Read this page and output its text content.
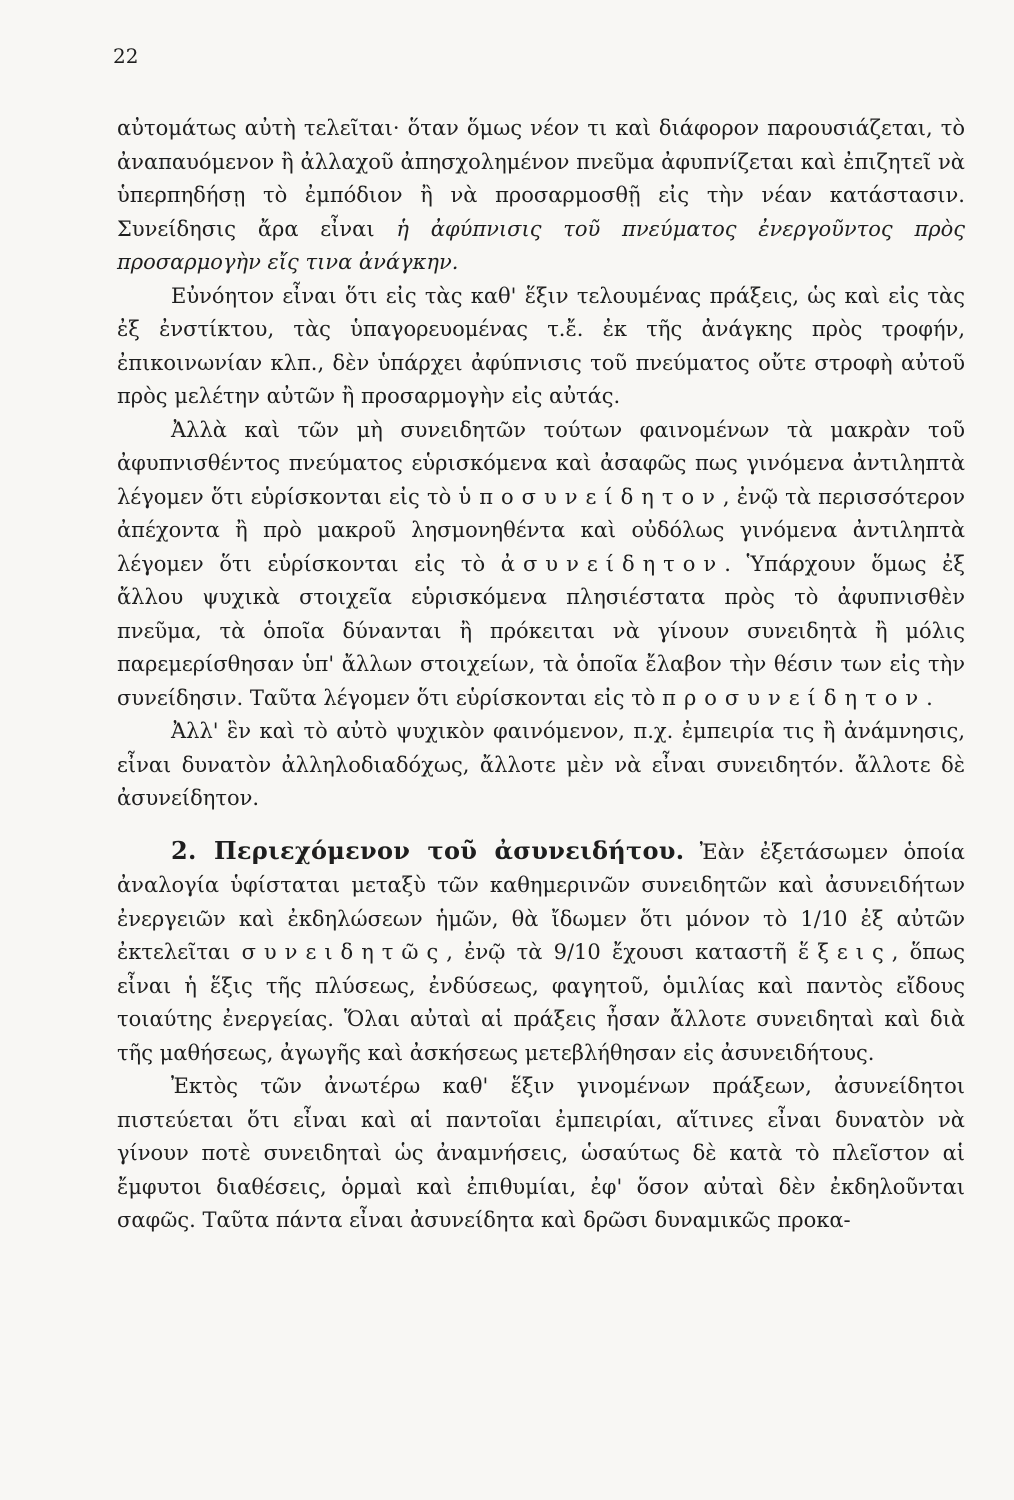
22

αὐτομάτως αὐτὴ τελεῖται· ὅταν ὅμως νέον τι καὶ διάφορον παρουσιάζεται, τὸ ἀναπαυόμενον ἢ ἀλλαχοῦ ἀπησχολημένον πνεῦμα ἀφυπνίζεται καὶ ἐπιζητεῖ νὰ ὑπερπηδήσῃ τὸ ἐμπόδιον ἢ νὰ προσαρμοσθῇ εἰς τὴν νέαν κατάστασιν. Συνείδησις ἄρα εἶναι ἡ ἀφύπνισις τοῦ πνεύματος ἐνεργοῦντος πρὸς προσαρμογὴν εἴς τινα ἀνάγκην.

Εὐνόητον εἶναι ὅτι εἰς τὰς καθ' ἕξιν τελουμένας πράξεις, ὡς καὶ εἰς τὰς ἐξ ἐνστίκτου, τὰς ὑπαγορευομένας τ.ἔ. ἐκ τῆς ἀνάγκης πρὸς τροφήν, ἐπικοινωνίαν κλπ., δὲν ὑπάρχει ἀφύπνισις τοῦ πνεύματος οὔτε στροφὴ αὐτοῦ πρὸς μελέτην αὐτῶν ἢ προσαρμογὴν εἰς αὐτάς.

Ἀλλὰ καὶ τῶν μὴ συνειδητῶν τούτων φαινομένων τὰ μακρὰν τοῦ ἀφυπνισθέντος πνεύματος εὑρισκόμενα καὶ ἀσαφῶς πως γινόμενα ἀντιληπτὰ λέγομεν ὅτι εὑρίσκονται εἰς τὸ ὑποσυνείδητον, ἐνῷ τὰ περισσότερον ἀπέχοντα ἢ πρὸ μακροῦ λησμονηθέντα καὶ οὐδόλως γινόμενα ἀντιληπτὰ λέγομεν ὅτι εὑρίσκονται εἰς τὸ ἀσυνείδητον. Ὑπάρχουν ὅμως ἐξ ἄλλου ψυχικὰ στοιχεῖα εὑρισκόμενα πλησιέστατα πρὸς τὸ ἀφυπνισθὲν πνεῦμα, τὰ ὁποῖα δύνανται ἢ πρόκειται νὰ γίνουν συνειδητὰ ἢ μόλις παρεμερίσθησαν ὑπ' ἄλλων στοιχείων, τὰ ὁποῖα ἔλαβον τὴν θέσιν των εἰς τὴν συνείδησιν. Ταῦτα λέγομεν ὅτι εὑρίσκονται εἰς τὸ προσυνείδητον.

Ἀλλ' ἓν καὶ τὸ αὐτὸ ψυχικὸν φαινόμενον, π.χ. ἐμπειρία τις ἢ ἀνάμνησις, εἶναι δυνατὸν ἀλληλοδιαδόχως, ἄλλοτε μὲν νὰ εἶναι συνειδητόν. ἄλλοτε δὲ ἀσυνείδητον.

2. Περιεχόμενον τοῦ ἀσυνειδήτου. Ἐὰν ἐξετάσωμεν ὁποία ἀναλογία ὑφίσταται μεταξὺ τῶν καθημερινῶν συνειδητῶν καὶ ἀσυνειδήτων ἐνεργειῶν καὶ ἐκδηλώσεων ἡμῶν, θὰ ἴδωμεν ὅτι μόνον τὸ 1/10 ἐξ αὐτῶν ἐκτελεῖται συνειδητῶς, ἐνῷ τὰ 9/10 ἔχουσι καταστῆ ἕξεις, ὅπως εἶναι ἡ ἕξις τῆς πλύσεως, ἐνδύσεως, φαγητοῦ, ὁμιλίας καὶ παντὸς εἴδους τοιαύτης ἐνεργείας. Ὅλαι αὐταὶ αἱ πράξεις ἦσαν ἄλλοτε συνειδηταὶ καὶ διὰ τῆς μαθήσεως, ἀγωγῆς καὶ ἀσκήσεως μετεβλήθησαν εἰς ἀσυνειδήτους.

Ἐκτὸς τῶν ἀνωτέρω καθ' ἕξιν γινομένων πράξεων, ἀσυνείδητοι πιστεύεται ὅτι εἶναι καὶ αἱ παντοῖαι ἐμπειρίαι, αἵτινες εἶναι δυνατὸν νὰ γίνουν ποτὲ συνειδηταὶ ὡς ἀναμνήσεις, ὡσαύτως δὲ κατὰ τὸ πλεῖστον αἱ ἔμφυτοι διαθέσεις, ὁρμαὶ καὶ ἐπιθυμίαι, ἐφ' ὅσον αὐταὶ δὲν ἐκδηλοῦνται σαφῶς. Ταῦτα πάντα εἶναι ἀσυνείδητα καὶ δρῶσι δυναμικῶς προκα-
